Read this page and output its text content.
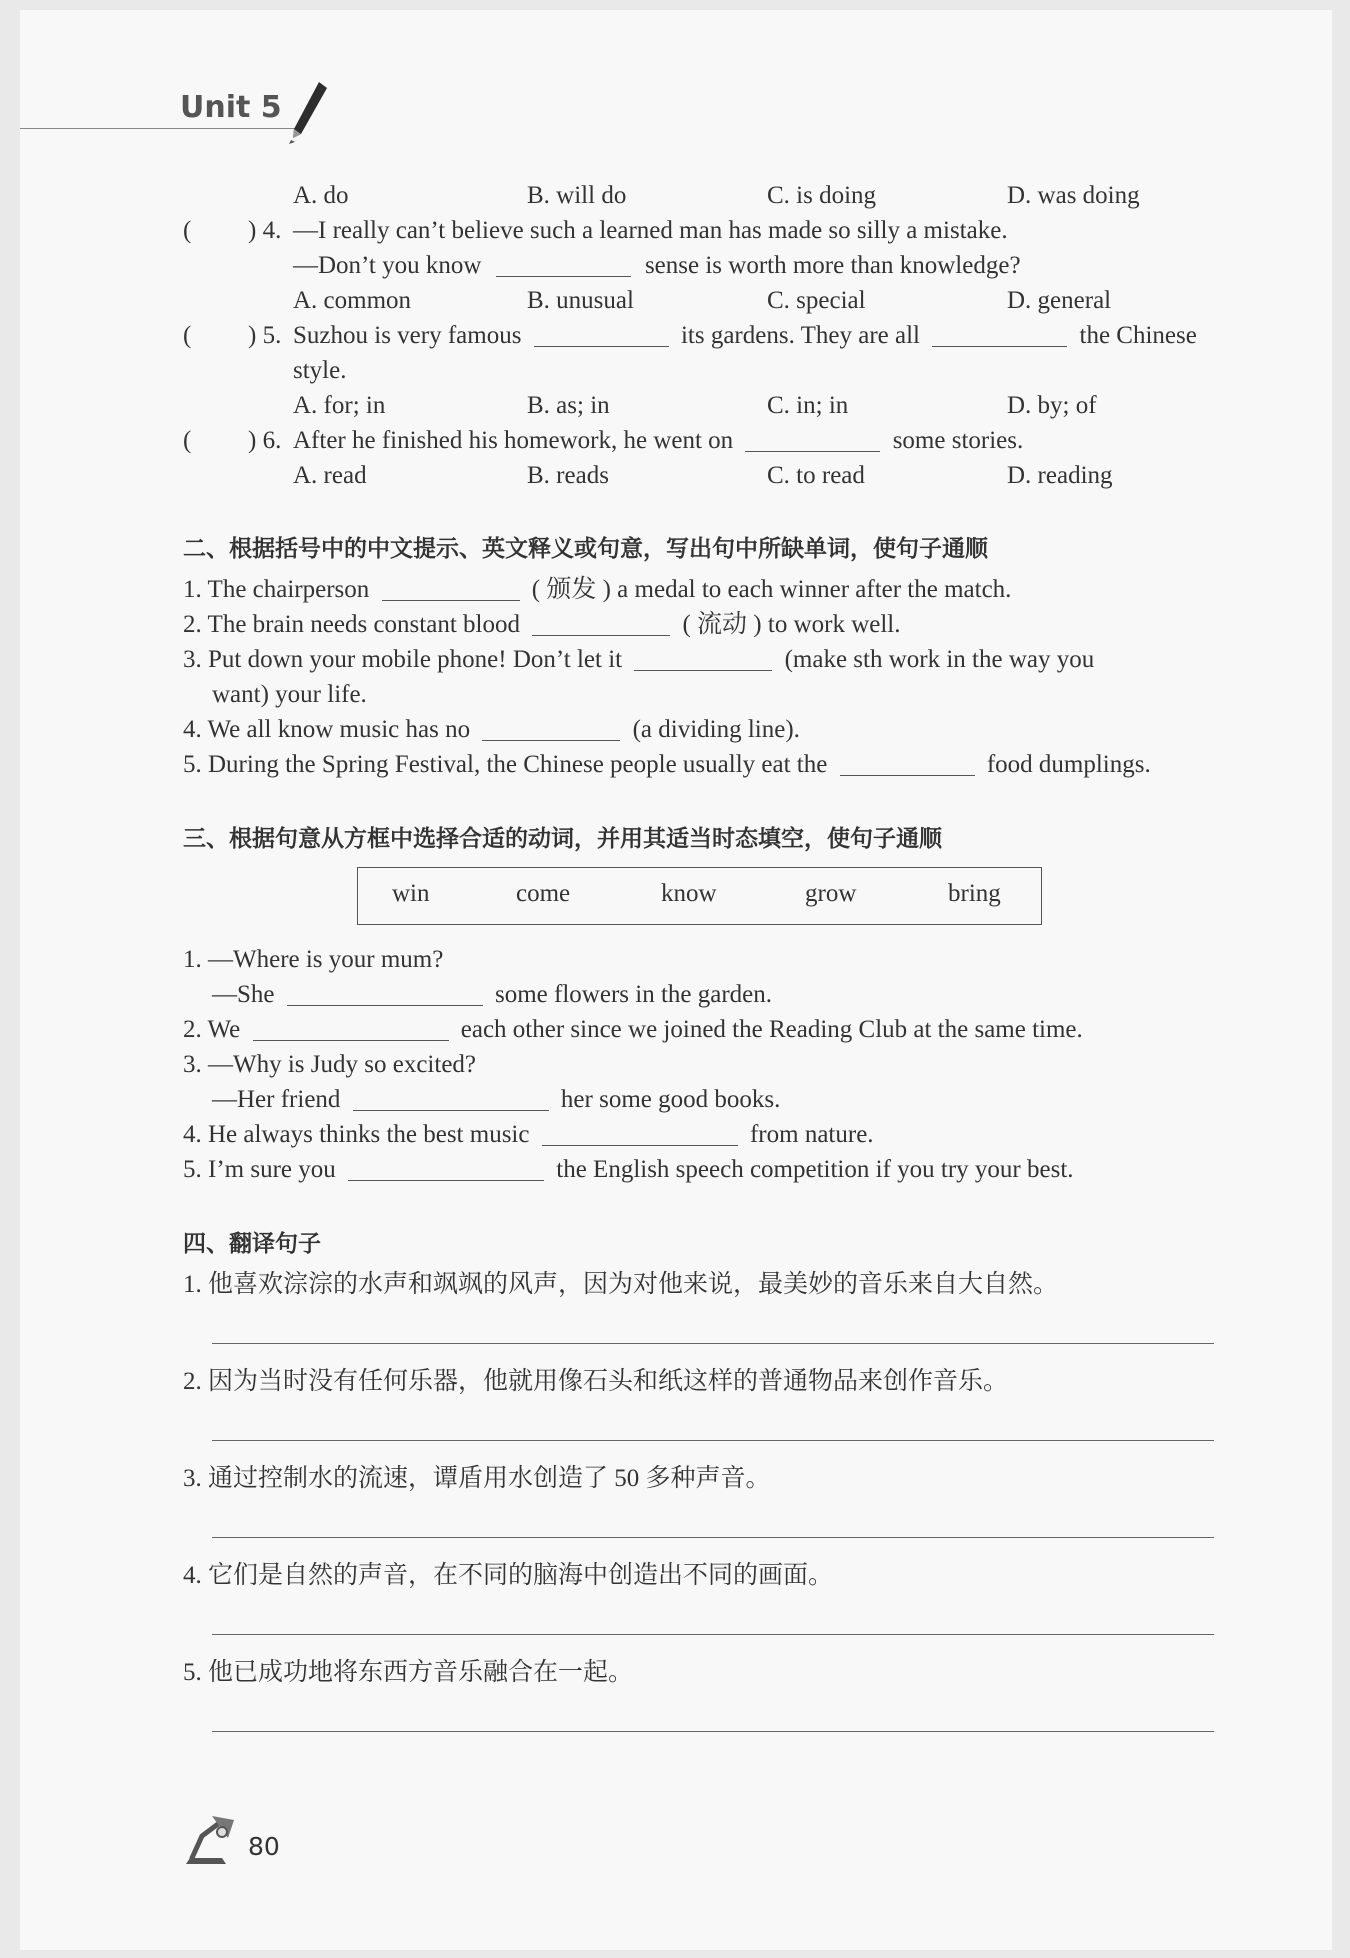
Unit 5
A. do	B. will do	C. is doing	D. was doing
( ) 4. —I really can’t believe such a learned man has made so silly a mistake.
—Don’t you know	sense is worth more than knowledge?
A. common	B. unusual	C. special	D. general
( ) 5. Suzhou is very famous	its gardens. They are all	the Chinese
style.
A. for; in	B. as; in	C. in; in	D. by; of
( ) 6. After he finished his homework, he went on	some stories.
A. read	B. reads	C. to read	D. reading
二、根据括号中的中文提示、英文释义或句意，写出句中所缺单词，使句子通顺
1. The chairperson	( 颁发 ) a medal to each winner after the match.
2. The brain needs constant blood	( 流动 ) to work well.
3. Put down your mobile phone! Don’t let it	(make sth work in the way you
want) your life.
4. We all know music has no	(a dividing line).
5. During the Spring Festival, the Chinese people usually eat the	food dumplings.
三、根据句意从方框中选择合适的动词，并用其适当时态填空，使句子通顺
win	come	know	grow	bring
1. —Where is your mum?
—She	some flowers in the garden.
2. We	each other since we joined the Reading Club at the same time.
3. —Why is Judy so excited?
—Her friend	her some good books.
4. He always thinks the best music	from nature.
5. I’m sure you	the English speech competition if you try your best.
四、翻译句子
1. 他喜欢淙淙的水声和飒飒的风声，因为对他来说，最美妙的音乐来自大自然。
2. 因为当时没有任何乐器，他就用像石头和纸这样的普通物品来创作音乐。
3. 通过控制水的流速，谭盾用水创造了 50 多种声音。
4. 它们是自然的声音，在不同的脑海中创造出不同的画面。
5. 他已成功地将东西方音乐融合在一起。
80
